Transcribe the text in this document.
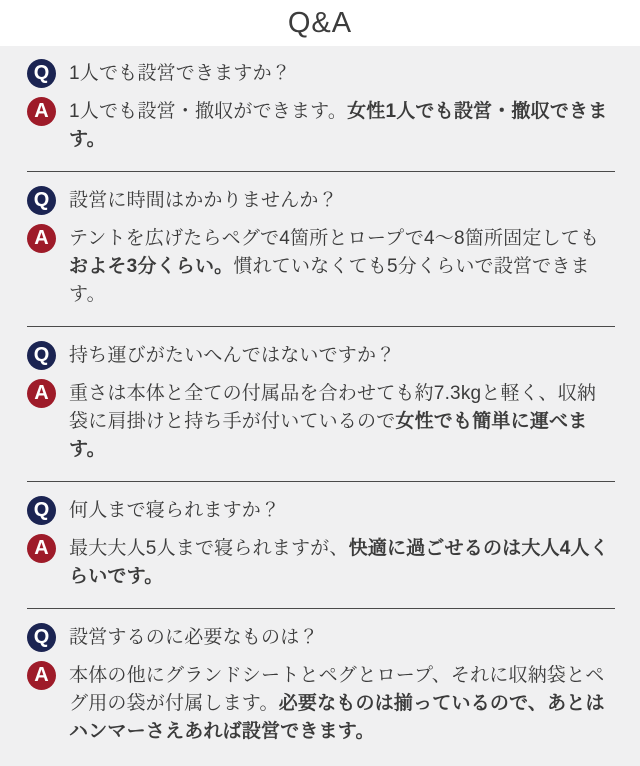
Q&A
Q	1人でも設営できますか？

A	1人でも設営・撤収ができます。女性1人でも設営・撤収できます。

Q	設営に時間はかかりませんか？

A	テントを広げたらペグで4箇所とロープで4〜8箇所固定してもおよそ3分くらい。慣れていなくても5分くらいで設営できます。

Q	持ち運びがたいへんではないですか？

A	重さは本体と全ての付属品を合わせても約7.3kgと軽く、収納袋に肩掛けと持ち手が付いているので女性でも簡単に運べます。

Q	何人まで寝られますか？

A	最大大人5人まで寝られますが、快適に過ごせるのは大人4人くらいです。

Q	設営するのに必要なものは？

A	本体の他にグランドシートとペグとロープ、それに収納袋とペグ用の袋が付属します。必要なものは揃っているので、あとはハンマーさえあれば設営できます。
